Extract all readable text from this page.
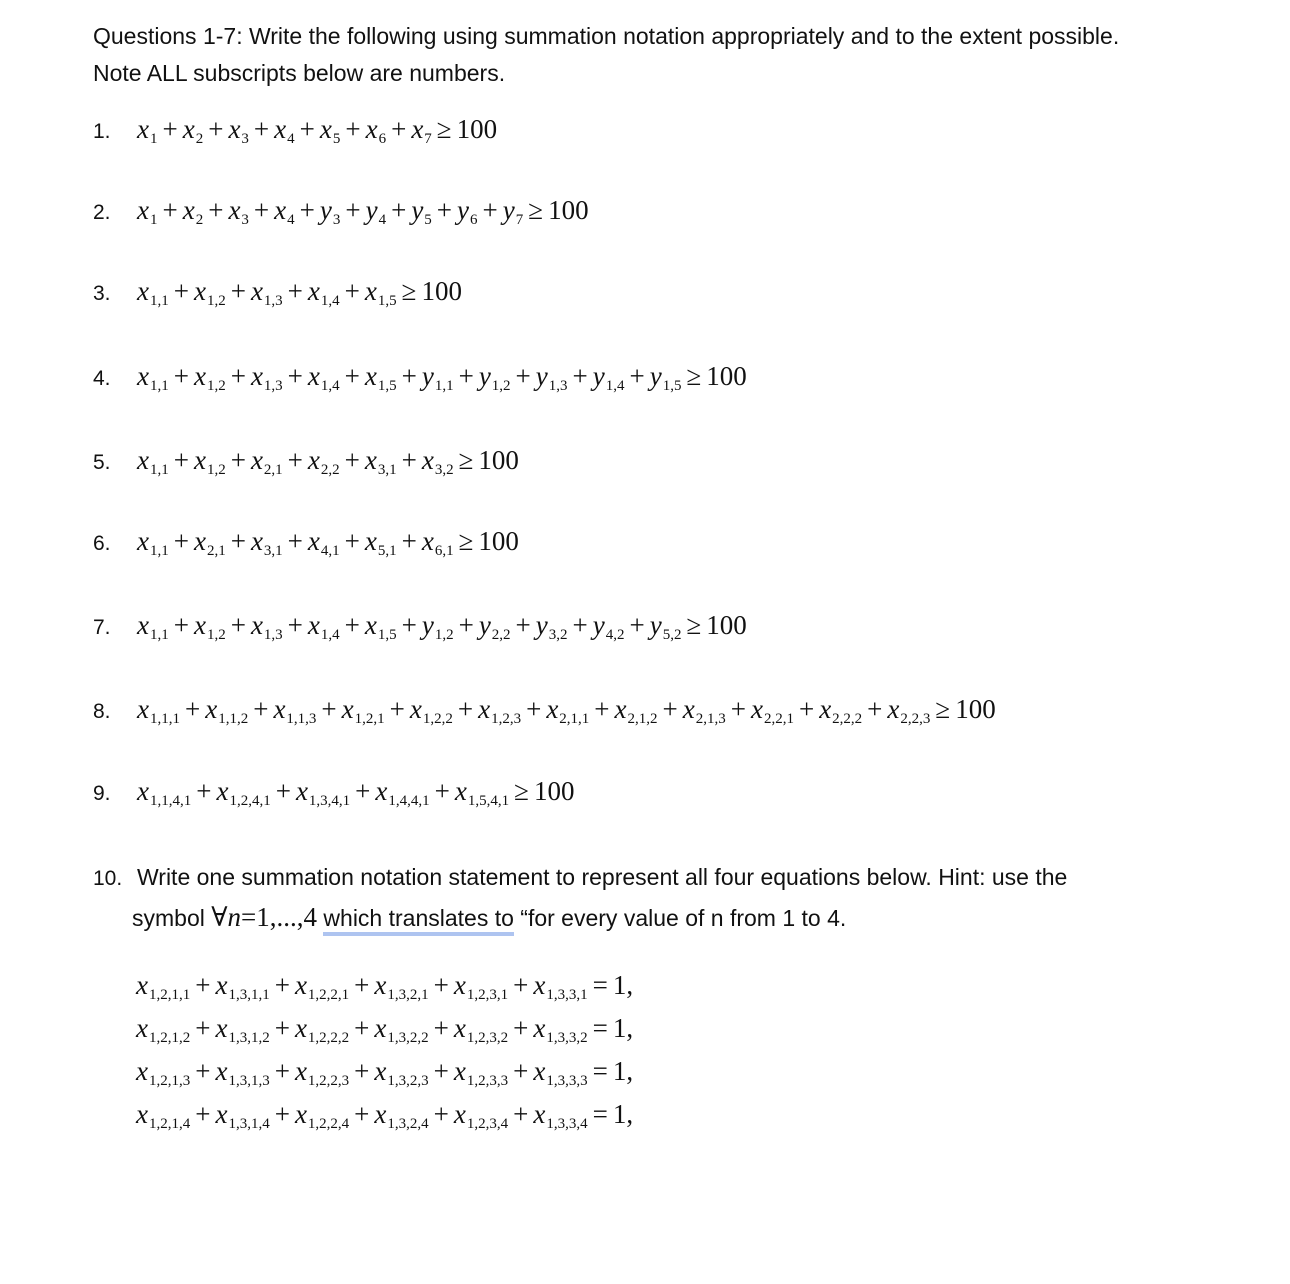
Questions 1-7: Write the following using summation notation appropriately and to the extent possible.
Note ALL subscripts below are numbers.
1. $x_1 + x_2 + x_3 + x_4 + x_5 + x_6 + x_7 \ge 100$
2. $x_1 + x_2 + x_3 + x_4 + y_3 + y_4 + y_5 + y_6 + y_7 \ge 100$
3. $x_{1,1} + x_{1,2} + x_{1,3} + x_{1,4} + x_{1,5} \ge 100$
4. $x_{1,1} + x_{1,2} + x_{1,3} + x_{1,4} + x_{1,5} + y_{1,1} + y_{1,2} + y_{1,3} + y_{1,4} + y_{1,5} \ge 100$
5. $x_{1,1} + x_{1,2} + x_{2,1} + x_{2,2} + x_{3,1} + x_{3,2} \ge 100$
6. $x_{1,1} + x_{2,1} + x_{3,1} + x_{4,1} + x_{5,1} + x_{6,1} \ge 100$
7. $x_{1,1} + x_{1,2} + x_{1,3} + x_{1,4} + x_{1,5} + y_{1,2} + y_{2,2} + y_{3,2} + y_{4,2} + y_{5,2} \ge 100$
8. $x_{1,1,1} + x_{1,1,2} + x_{1,1,3} + x_{1,2,1} + x_{1,2,2} + x_{1,2,3} + x_{2,1,1} + x_{2,1,2} + x_{2,1,3} + x_{2,2,1} + x_{2,2,2} + x_{2,2,3} \ge 100$
9. $x_{1,1,4,1} + x_{1,2,4,1} + x_{1,3,4,1} + x_{1,4,4,1} + x_{1,5,4,1} \ge 100$
10. Write one summation notation statement to represent all four equations below. Hint: use the
symbol ∀n=1,...,4 which translates to “for every value of n from 1 to 4.
$x_{1,2,1,1} + x_{1,3,1,1} + x_{1,2,2,1} + x_{1,3,2,1} + x_{1,2,3,1} + x_{1,3,3,1} = 1$,
$x_{1,2,1,2} + x_{1,3,1,2} + x_{1,2,2,2} + x_{1,3,2,2} + x_{1,2,3,2} + x_{1,3,3,2} = 1$,
$x_{1,2,1,3} + x_{1,3,1,3} + x_{1,2,2,3} + x_{1,3,2,3} + x_{1,2,3,3} + x_{1,3,3,3} = 1$,
$x_{1,2,1,4} + x_{1,3,1,4} + x_{1,2,2,4} + x_{1,3,2,4} + x_{1,2,3,4} + x_{1,3,3,4} = 1$,
